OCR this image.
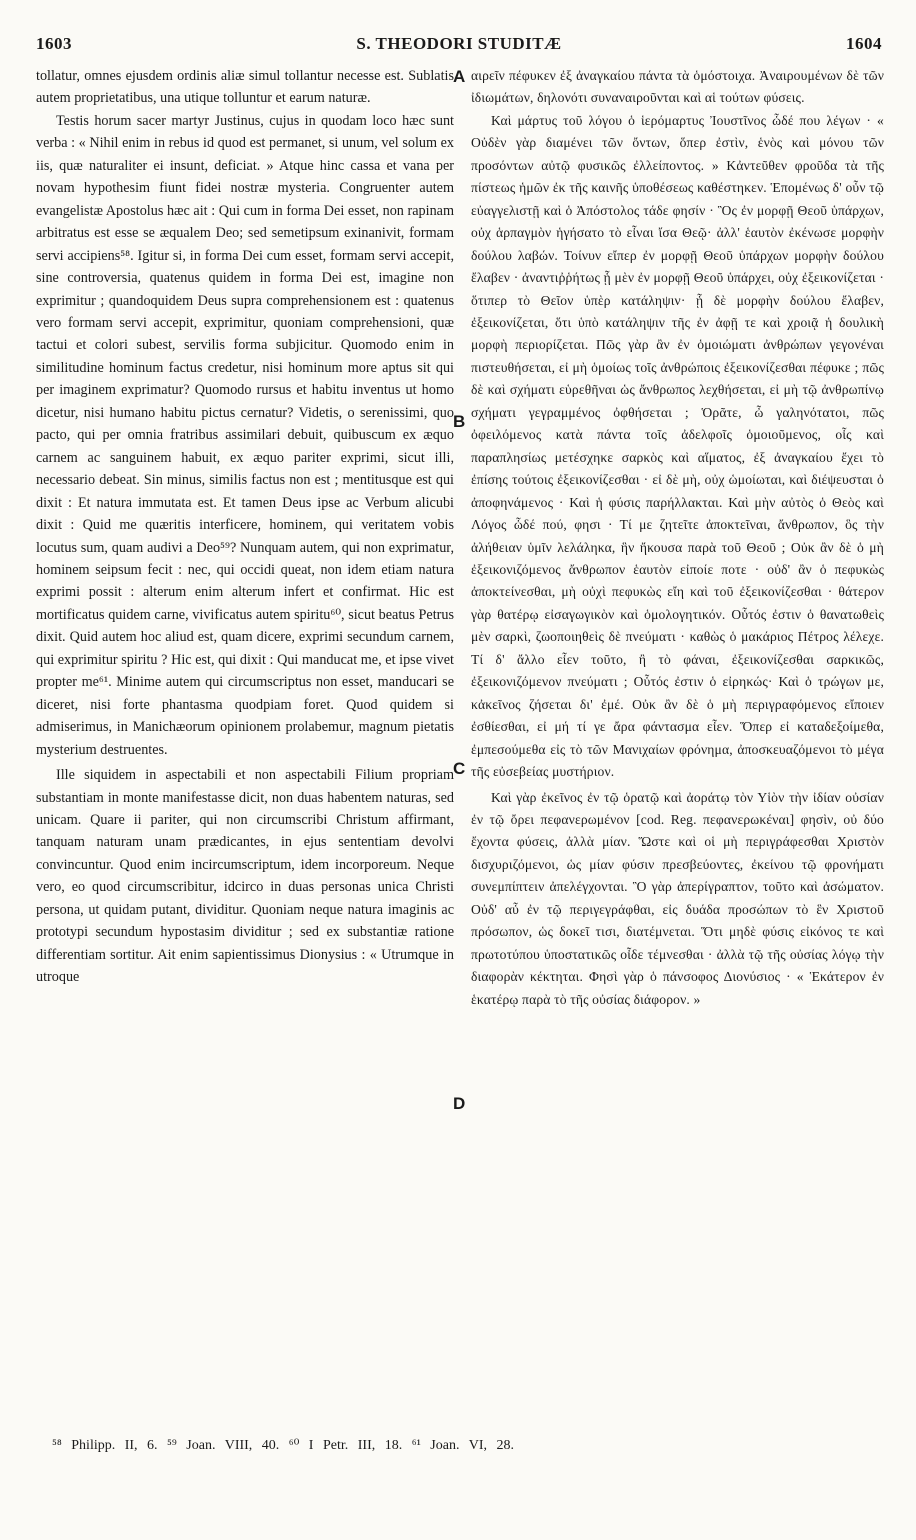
1603	S. THEODORI STUDITÆ	1604

tollatur, omnes ejusdem ordinis aliæ simul tollantur necesse est. Sublatis autem proprietatibus, una utique tolluntur et earum naturæ.

Testis horum sacer martyr Justinus, cujus in quodam loco hæc sunt verba : « Nihil enim in rebus id quod est permanet, si unum, vel solum ex iis, quæ naturaliter ei insunt, deficiat. » Atque hinc cassa et vana per novam hypothesim fiunt fidei nostræ mysteria. Congruenter autem evangelistæ Apostolus hæc ait : Qui cum in forma Dei esset, non rapinam arbitratus est esse se æqualem Deo; sed semetipsum exinanivit, formam servi accipiens⁵⁸. Igitur si, in forma Dei cum esset, formam servi accepit, sine controversia, quatenus quidem in forma Dei est, imagine non exprimitur ; quandoquidem Deus supra comprehensionem est : quatenus vero formam servi accepit, exprimitur, quoniam comprehensioni, quæ tactui et colori subest, servilis forma subjicitur. Quomodo enim in similitudine hominum factus credetur, nisi hominum more aptus sit qui per imaginem exprimatur? Quomodo rursus et habitu inventus ut homo dicetur, nisi humano habitu pictus cernatur? Videtis, o serenissimi, quo pacto, qui per omnia fratribus assimilari debuit, quibuscum ex æquo carnem ac sanguinem habuit, ex æquo pariter exprimi, sicut illi, necessario debeat. Sin minus, similis factus non est ; mentitusque est qui dixit : Et natura immutata est. Et tamen Deus ipse ac Verbum alicubi dixit : Quid me quæritis interficere, hominem, qui veritatem vobis locutus sum, quam audivi a Deo⁵⁹? Nunquam autem, qui non exprimatur, hominem seipsum fecit : nec, qui occidi queat, non idem etiam natura exprimi possit : alterum enim alterum infert et confirmat. Hic est mortificatus quidem carne, vivificatus autem spiritu⁶⁰, sicut beatus Petrus dixit. Quid autem hoc aliud est, quam dicere, exprimi secundum carnem, qui exprimitur spiritu ? Hic est, qui dixit : Qui manducat me, et ipse vivet propter me⁶¹. Minime autem qui circumscriptus non esset, manducari se diceret, nisi forte phantasma quodpiam foret. Quod quidem si admiserimus, in Manichæorum opinionem prolabemur, magnum pietatis mysterium destruentes.

Ille siquidem in aspectabili et non aspectabili Filium propriam substantiam in monte manifestasse dicit, non duas habentem naturas, sed unicam. Quare ii pariter, qui non circumscribi Christum affirmant, tanquam naturam unam prædicantes, in ejus sententiam devolvi convincuntur. Quod enim incircumscriptum, idem incorporeum. Neque vero, eo quod circumscribitur, idcirco in duas personas unica Christi persona, ut quidam putant, dividitur. Quoniam neque natura imaginis ac prototypi secundum hypostasim dividitur ; sed ex substantiæ ratione differentiam sortitur. Ait enim sapientissimus Dionysius : « Utrumque in utroque

αιρεῖν πέφυκεν ἐξ ἀναγκαίου πάντα τὰ ὁμόστοιχα. Ἀναιρουμένων δὲ τῶν ἰδιωμάτων, δηλονότι συναναιροῦνται καὶ αἱ τούτων φύσεις.

Καὶ μάρτυς τοῦ λόγου ὁ ἱερόμαρτυς Ἰουστῖνος ὧδέ που λέγων · « Οὐδὲν γὰρ διαμένει τῶν ὄντων, ὅπερ ἐστὶν, ἑνὸς καὶ μόνου τῶν προσόντων αὐτῷ φυσικῶς ἐλλείποντος. » Κἀντεῦθεν φροῦδα τὰ τῆς πίστεως ἡμῶν ἐκ τῆς καινῆς ὑποθέσεως καθέστηκεν. Ἑπομένως δ' οὖν τῷ εὐαγγελιστῇ καὶ ὁ Ἀπόστολος τάδε φησίν · Ὃς ἐν μορφῇ Θεοῦ ὑπάρχων, οὐχ ἁρπαγμὸν ἡγήσατο τὸ εἶναι ἴσα Θεῷ· ἀλλ' ἑαυτὸν ἐκένωσε μορφὴν δούλου λαβών. Τοίνυν εἴπερ ἐν μορφῇ Θεοῦ ὑπάρχων μορφὴν δούλου ἔλαβεν · ἀναντιῤῥήτως ᾗ μὲν ἐν μορφῇ Θεοῦ ὑπάρχει, οὐχ ἐξεικονίζεται · ὅτιπερ τὸ Θεῖον ὑπὲρ κατάληψιν· ᾗ δὲ μορφὴν δούλου ἔλαβεν, ἐξεικονίζεται, ὅτι ὑπὸ κατάληψιν τῆς ἐν ἀφῇ τε καὶ χροιᾷ ἡ δουλικὴ μορφὴ περιορίζεται. Πῶς γὰρ ἂν ἐν ὁμοιώματι ἀνθρώπων γεγονέναι πιστευθήσεται, εἰ μὴ ὁμοίως τοῖς ἀνθρώποις ἐξεικονίζεσθαι πέφυκε ; πῶς δὲ καὶ σχήματι εὑρεθῆναι ὡς ἄνθρωπος λεχθήσεται, εἰ μὴ τῷ ἀνθρωπίνῳ σχήματι γεγραμμένος ὀφθήσεται ; Ὁρᾶτε, ὦ γαληνότατοι, πῶς ὀφειλόμενος κατὰ πάντα τοῖς ἀδελφοῖς ὁμοιοῦμενος, οἷς καὶ παραπλησίως μετέσχηκε σαρκὸς καὶ αἵματος, ἐξ ἀναγκαίου ἔχει τὸ ἐπίσης τούτοις ἐξεικονίζεσθαι · εἰ δὲ μὴ, οὐχ ὡμοίωται, καὶ διέψευσται ὁ ἀποφηνάμενος · Καὶ ἡ φύσις παρήλλακται. Καὶ μὴν αὐτὸς ὁ Θεὸς καὶ Λόγος ὧδέ πού, φησι · Τί με ζητεῖτε ἀποκτεῖναι, ἄνθρωπον, ὃς τὴν ἀλήθειαν ὑμῖν λελάληκα, ἣν ἤκουσα παρὰ τοῦ Θεοῦ ; Οὐκ ἂν δὲ ὁ μὴ ἐξεικονιζόμενος ἄνθρωπον ἑαυτὸν εἰποίε ποτε · οὐδ' ἂν ὁ πεφυκὼς ἀποκτείνεσθαι, μὴ οὐχὶ πεφυκὼς εἴη καὶ τοῦ ἐξεικονίζεσθαι · θάτερον γὰρ θατέρῳ εἰσαγωγικὸν καὶ ὁμολογητικόν. Οὗτός ἐστιν ὁ θανατωθεὶς μὲν σαρκὶ, ζωοποιηθεὶς δὲ πνεύματι · καθὼς ὁ μακάριος Πέτρος λέλεχε. Τί δ' ἄλλο εἶεν τοῦτο, ἢ τὸ φάναι, ἐξεικονίζεσθαι σαρκικῶς, ἐξεικονιζόμενον πνεύματι ; Οὗτός ἐστιν ὁ εἰρηκώς· Καὶ ὁ τρώγων με, κἀκεῖνος ζήσεται δι' ἐμέ. Οὐκ ἂν δὲ ὁ μὴ περιγραφόμενος εἴποιεν ἐσθίεσθαι, εἰ μή τί γε ἄρα φάντασμα εἶεν. Ὅπερ εἰ καταδεξοίμεθα, ἐμπεσούμεθα εἰς τὸ τῶν Μανιχαίων φρόνημα, ἀποσκευαζόμενοι τὸ μέγα τῆς εὐσεβείας μυστήριον.

Καὶ γὰρ ἐκεῖνος ἐν τῷ ὁρατῷ καὶ ἀοράτῳ τὸν Υἱὸν τὴν ἰδίαν οὐσίαν ἐν τῷ ὄρει πεφανερωμένον [cod. Reg. πεφανερωκέναι] φησὶν, οὐ δύο ἔχοντα φύσεις, ἀλλὰ μίαν. Ὥστε καὶ οἱ μὴ περιγράφεσθαι Χριστὸν δισχυριζόμενοι, ὡς μίαν φύσιν πρεσβεύοντες, ἐκείνου τῷ φρονήματι συνεμπίπτειν ἀπελέγχονται. Ὃ γὰρ ἀπερίγραπτον, τοῦτο καὶ ἀσώματον. Οὐδ' αὖ ἐν τῷ περιγεγράφθαι, εἰς δυάδα προσώπων τὸ ἓν Χριστοῦ πρόσωπον, ὡς δοκεῖ τισι, διατέμνεται. Ὅτι μηδὲ φύσις εἰκόνος τε καὶ πρωτοτύπου ὑποστατικῶς οἶδε τέμνεσθαι · ἀλλὰ τῷ τῆς οὐσίας λόγῳ τὴν διαφορὰν κέκτηται. Φησὶ γὰρ ὁ πάνσοφος Διονύσιος · « Ἑκάτερον ἐν ἑκατέρῳ παρὰ τὸ τῆς οὐσίας διάφορον. »

A
B
C
D
⁵⁸ Philipp. II, 6. ⁵⁹ Joan. VIII, 40. ⁶⁰ I Petr. III, 18. ⁶¹ Joan. VI, 28.
